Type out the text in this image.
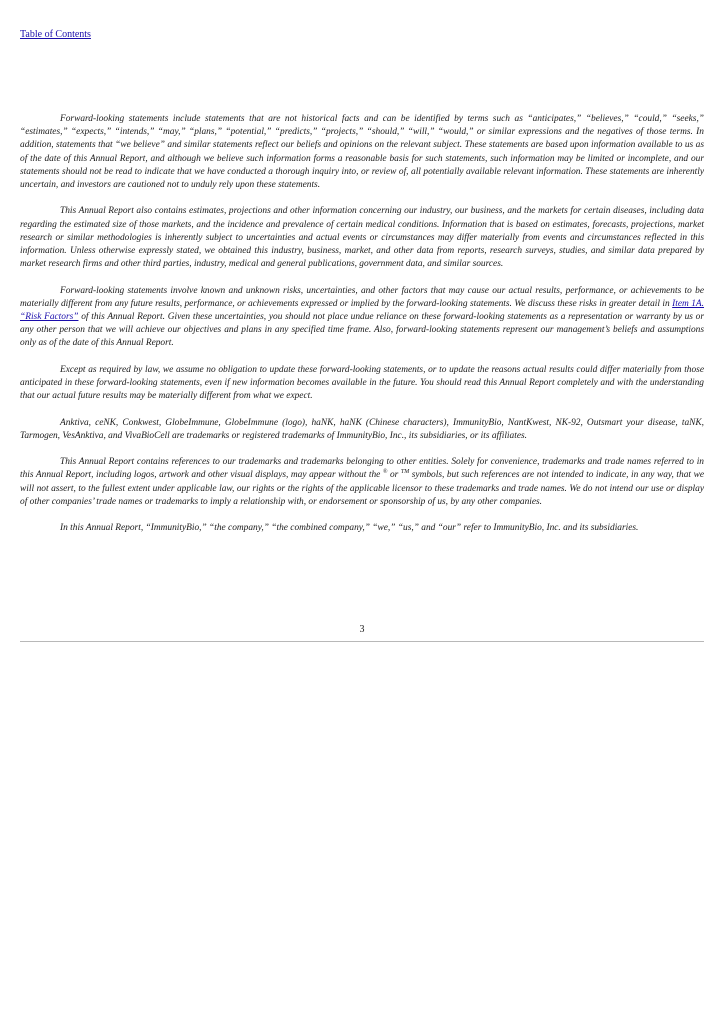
Table of Contents

Forward-looking statements include statements that are not historical facts and can be identified by terms such as “anticipates,” “believes,” “could,” “seeks,” “estimates,” “expects,” “intends,” “may,” “plans,” “potential,” “predicts,” “projects,” “should,” “will,” “would,” or similar expressions and the negatives of those terms. In addition, statements that “we believe” and similar statements reflect our beliefs and opinions on the relevant subject. These statements are based upon information available to us as of the date of this Annual Report, and although we believe such information forms a reasonable basis for such statements, such information may be limited or incomplete, and our statements should not be read to indicate that we have conducted a thorough inquiry into, or review of, all potentially available relevant information. These statements are inherently uncertain, and investors are cautioned not to unduly rely upon these statements.

This Annual Report also contains estimates, projections and other information concerning our industry, our business, and the markets for certain diseases, including data regarding the estimated size of those markets, and the incidence and prevalence of certain medical conditions. Information that is based on estimates, forecasts, projections, market research or similar methodologies is inherently subject to uncertainties and actual events or circumstances may differ materially from events and circumstances reflected in this information. Unless otherwise expressly stated, we obtained this industry, business, market, and other data from reports, research surveys, studies, and similar data prepared by market research firms and other third parties, industry, medical and general publications, government data, and similar sources.

Forward-looking statements involve known and unknown risks, uncertainties, and other factors that may cause our actual results, performance, or achievements to be materially different from any future results, performance, or achievements expressed or implied by the forward-looking statements. We discuss these risks in greater detail in Item 1A. “Risk Factors” of this Annual Report. Given these uncertainties, you should not place undue reliance on these forward-looking statements as a representation or warranty by us or any other person that we will achieve our objectives and plans in any specified time frame. Also, forward-looking statements represent our management’s beliefs and assumptions only as of the date of this Annual Report.

Except as required by law, we assume no obligation to update these forward-looking statements, or to update the reasons actual results could differ materially from those anticipated in these forward-looking statements, even if new information becomes available in the future. You should read this Annual Report completely and with the understanding that our actual future results may be materially different from what we expect.

Anktiva, ceNK, Conkwest, GlobeImmune, GlobeImmune (logo), haNK, haNK (Chinese characters), ImmunityBio, NantKwest, NK-92, Outsmart your disease, taNK, Tarmogen, VesAnktiva, and VivaBioCell are trademarks or registered trademarks of ImmunityBio, Inc., its subsidiaries, or its affiliates.

This Annual Report contains references to our trademarks and trademarks belonging to other entities. Solely for convenience, trademarks and trade names referred to in this Annual Report, including logos, artwork and other visual displays, may appear without the ® or ™ symbols, but such references are not intended to indicate, in any way, that we will not assert, to the fullest extent under applicable law, our rights or the rights of the applicable licensor to these trademarks and trade names. We do not intend our use or display of other companies’ trade names or trademarks to imply a relationship with, or endorsement or sponsorship of us, by any other companies.

In this Annual Report, “ImmunityBio,” “the company,” “the combined company,” “we,” “us,” and “our” refer to ImmunityBio, Inc. and its subsidiaries.

3
